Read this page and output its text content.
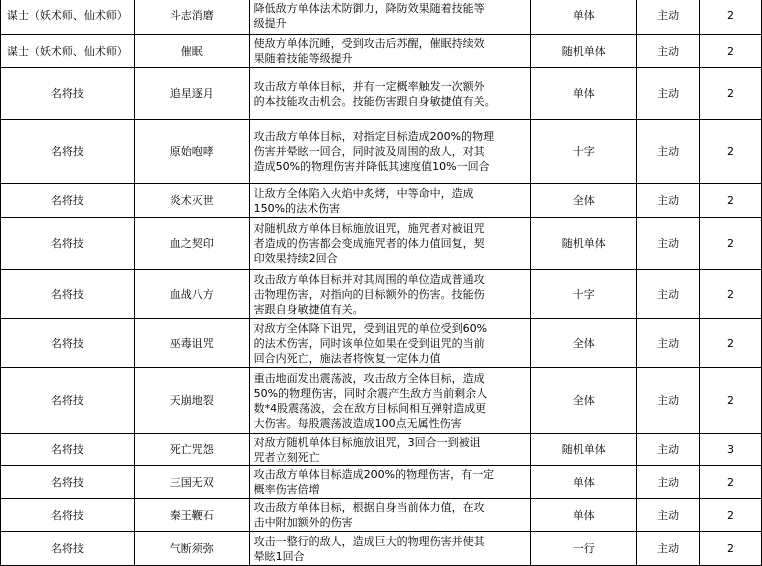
谋士（妖术师、仙术师）	斗志消磨	降低敌方单体法术防御力，降防效果随着技能等
级提升	单体	主动	2
谋士（妖术师、仙术师）	催眠	使敌方单体沉睡，受到攻击后苏醒，催眠持续效
果随着技能等级提升	随机单体	主动	2
名将技	追星逐月	攻击敌方单体目标，并有一定概率触发一次额外
的本技能攻击机会。技能伤害跟自身敏捷值有关。	单体	主动	2
名将技	原始咆哮	攻击敌方单体目标，对指定目标造成200%的物理
伤害并晕眩一回合，同时波及周围的敌人，对其
造成50%的物理伤害并降低其速度值10%一回合	十字	主动	2
名将技	炎术灭世	让敌方全体陷入火焰中炙烤，中等命中，造成
150%的法术伤害	全体	主动	2
名将技	血之契印	对随机敌方单体目标施放诅咒，施咒者对被诅咒
者造成的伤害都会变成施咒者的体力值回复，契
印效果持续2回合	随机单体	主动	2
名将技	血战八方	攻击敌方单体目标并对其周围的单位造成普通攻
击物理伤害，对指向的目标额外的伤害。技能伤
害跟自身敏捷值有关。	十字	主动	2
名将技	巫毒诅咒	对敌方全体降下诅咒，受到诅咒的单位受到60%
的法术伤害，同时该单位如果在受到诅咒的当前
回合内死亡，施法者将恢复一定体力值	全体	主动	2
名将技	天崩地裂	重击地面发出震荡波，攻击敌方全体目标，造成
50%的物理伤害，同时余震产生敌方当前剩余人
数*4股震荡波，会在敌方目标间相互弹射造成更
大伤害。每股震荡波造成100点无属性伤害	全体	主动	2
名将技	死亡咒怨	对敌方随机单体目标施放诅咒，3回合一到被诅
咒者立刻死亡	随机单体	主动	3
名将技	三国无双	攻击敌方单体目标造成200%的物理伤害，有一定
概率伤害倍增	单体	主动	2
名将技	秦王鞭石	攻击敌方单体目标，根据自身当前体力值，在攻
击中附加额外的伤害	单体	主动	2
名将技	气断须弥	攻击一整行的敌人，造成巨大的物理伤害并使其
晕眩1回合	一行	主动	2
